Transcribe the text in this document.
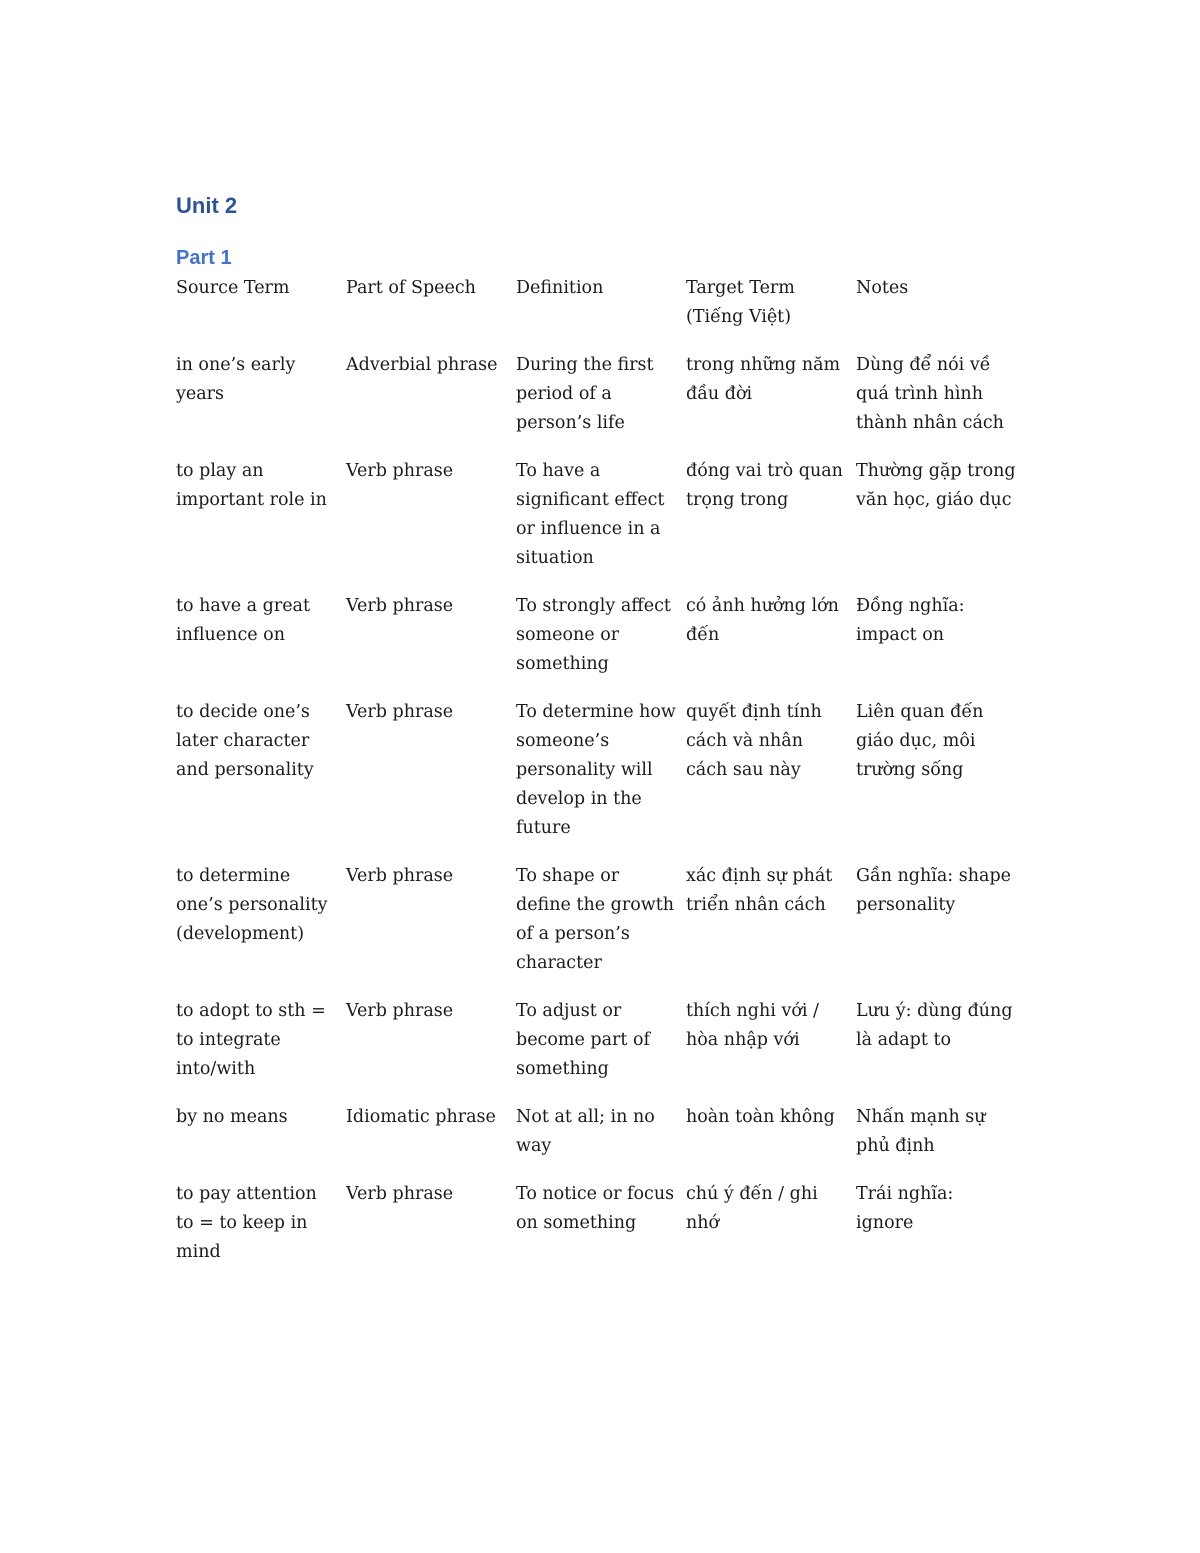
Unit 2
Part 1
Source Term	Part of Speech	Definition	Target Term (Tiếng Việt)	Notes
in one’s early years	Adverbial phrase	During the first period of a person’s life	trong những năm đầu đời	Dùng để nói về quá trình hình thành nhân cách
to play an important role in	Verb phrase	To have a significant effect or influence in a situation	đóng vai trò quan trọng trong	Thường gặp trong văn học, giáo dục
to have a great influence on	Verb phrase	To strongly affect someone or something	có ảnh hưởng lớn đến	Đồng nghĩa: impact on
to decide one’s later character and personality	Verb phrase	To determine how someone’s personality will develop in the future	quyết định tính cách và nhân cách sau này	Liên quan đến giáo dục, môi trường sống
to determine one’s personality (development)	Verb phrase	To shape or define the growth of a person’s character	xác định sự phát triển nhân cách	Gần nghĩa: shape personality
to adopt to sth = to integrate into/with	Verb phrase	To adjust or become part of something	thích nghi với / hòa nhập với	Lưu ý: dùng đúng là adapt to
by no means	Idiomatic phrase	Not at all; in no way	hoàn toàn không	Nhấn mạnh sự phủ định
to pay attention to = to keep in mind	Verb phrase	To notice or focus on something	chú ý đến / ghi nhớ	Trái nghĩa: ignore
